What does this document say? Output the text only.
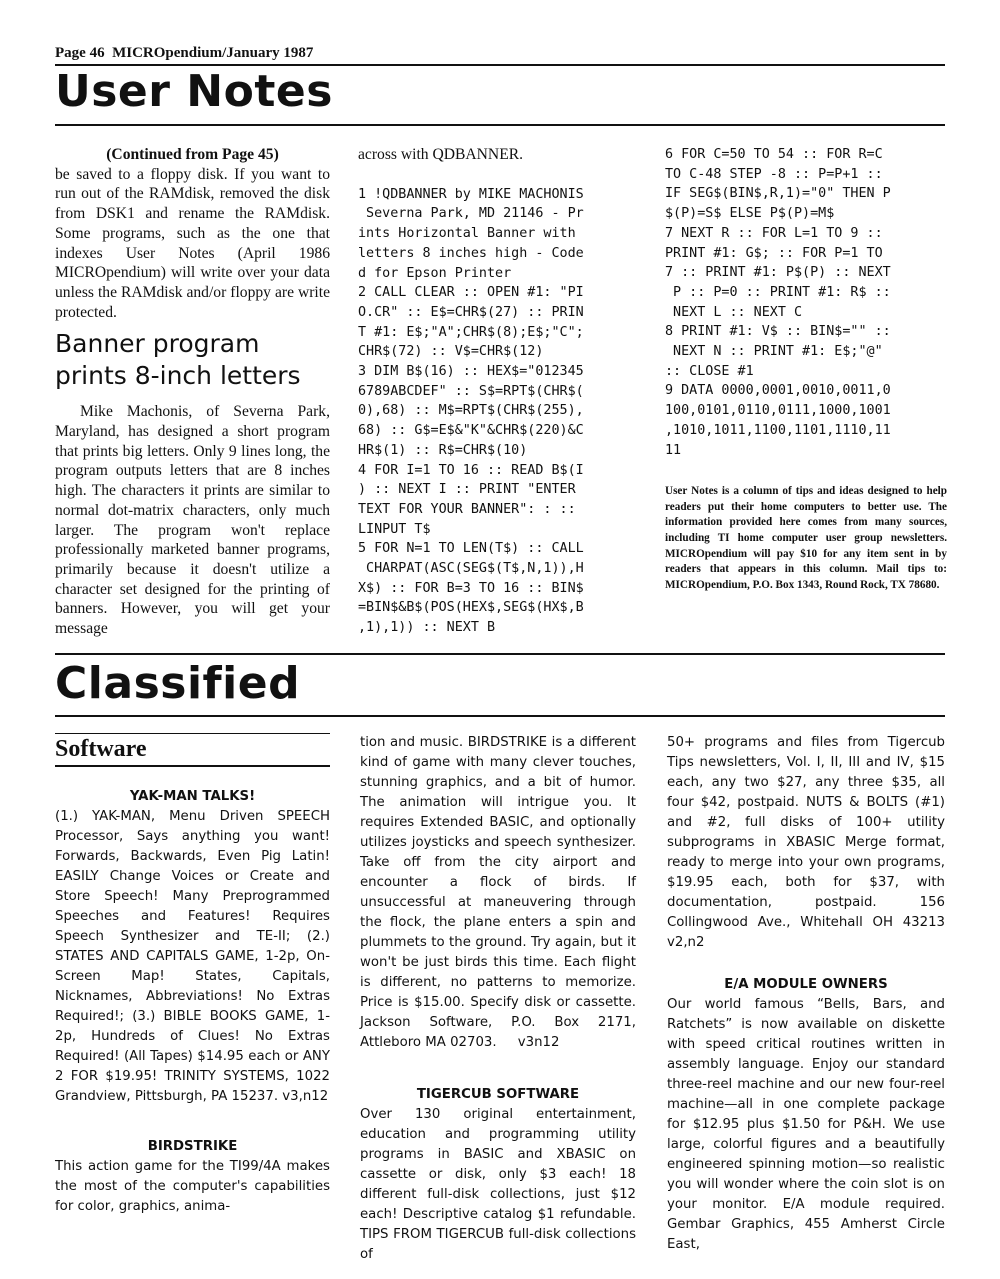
Page 46 MICROpendium/January 1987
User Notes
(Continued from Page 45)
be saved to a floppy disk. If you want to run out of the RAMdisk, removed the disk from DSK1 and rename the RAMdisk. Some programs, such as the one that indexes User Notes (April 1986 MICROpendium) will write over your data unless the RAMdisk and/or floppy are write protected.
Banner program prints 8-inch letters
Mike Machonis, of Severna Park, Maryland, has designed a short program that prints big letters. Only 9 lines long, the program outputs letters that are 8 inches high. The characters it prints are similar to normal dot-matrix characters, only much larger. The program won't replace professionally marketed banner programs, primarily because it doesn't utilize a character set designed for the printing of banners. However, you will get your message
across with QDBANNER.
1 !QDBANNER by MIKE MACHONIS
Severna Park, MD 21146 - Pr
ints Horizontal Banner with
letters 8 inches high - Code
d for Epson Printer
2 CALL CLEAR :: OPEN #1: "PI
O.CR" :: E$=CHR$(27) :: PRIN
T #1: E$;"A";CHR$(8);E$;"C";
CHR$(72) :: V$=CHR$(12)
3 DIM B$(16) :: HEX$="012345
6789ABCDEF" :: S$=RPT$(CHR$(
0),68) :: M$=RPT$(CHR$(255),
68) :: G$=E$&"K"&CHR$(220)&C
HR$(1) :: R$=CHR$(10)
4 FOR I=1 TO 16 :: READ B$(I
) :: NEXT I :: PRINT "ENTER
TEXT FOR YOUR BANNER": : ::
LINPUT T$
5 FOR N=1 TO LEN(T$) :: CALL
CHARPAT(ASC(SEG$(T$,N,1)),H
X$) :: FOR B=3 TO 16 :: BIN$
=BIN$&B$(POS(HEX$,SEG$(HX$,B
,1),1)) :: NEXT B
6 FOR C=50 TO 54 :: FOR R=C
TO C-48 STEP -8 :: P=P+1 ::
IF SEG$(BIN$,R,1)="0" THEN P
$(P)=S$ ELSE P$(P)=M$
7 NEXT R :: FOR L=1 TO 9 ::
PRINT #1: G$; :: FOR P=1 TO
7 :: PRINT #1: P$(P) :: NEXT
P :: P=0 :: PRINT #1: R$ ::
NEXT L :: NEXT C
8 PRINT #1: V$ :: BIN$="" ::
NEXT N :: PRINT #1: E$;"@"
:: CLOSE #1
9 DATA 0000,0001,0010,0011,0
100,0101,0110,0111,1000,1001
,1010,1011,1100,1101,1110,11
11
User Notes is a column of tips and ideas designed to help readers put their home computers to better use. The information provided here comes from many sources, including TI home computer user group newsletters. MICROpendium will pay $10 for any item sent in by readers that appears in this column. Mail tips to: MICROpendium, P.O. Box 1343, Round Rock, TX 78680.
Classified
Software

YAK-MAN TALKS!

(1.) YAK-MAN, Menu Driven SPEECH Processor, Says anything you want! Forwards, Backwards, Even Pig Latin! EASILY Change Voices or Create and Store Speech! Many Preprogrammed Speeches and Features! Requires Speech Synthesizer and TE-II; (2.) STATES AND CAPITALS GAME, 1-2p, On-Screen Map! States, Capitals, Nicknames, Abbreviations! No Extras Required!; (3.) BIBLE BOOKS GAME, 1-2p, Hundreds of Clues! No Extras Required! (All Tapes) $14.95 each or ANY 2 FOR $19.95! TRINITY SYSTEMS, 1022 Grandview, Pittsburgh, PA 15237. v3,n12

BIRDSTRIKE

This action game for the TI99/4A makes the most of the computer's capabilities for color, graphics, anima-

tion and music. BIRDSTRIKE is a different kind of game with many clever touches, stunning graphics, and a bit of humor. The animation will intrigue you. It requires Extended BASIC, and optionally utilizes joysticks and speech synthesizer. Take off from the city airport and encounter a flock of birds. If unsuccessful at maneuvering through the flock, the plane enters a spin and plummets to the ground. Try again, but it won't be just birds this time. Each flight is different, no patterns to memorize. Price is $15.00. Specify disk or cassette. Jackson Software, P.O. Box 2171, Attleboro MA 02703. v3n12

TIGERCUB SOFTWARE

Over 130 original entertainment, education and programming utility programs in BASIC and XBASIC on cassette or disk, only $3 each! 18 different full-disk collections, just $12 each! Descriptive catalog $1 refundable. TIPS FROM TIGERCUB full-disk collections of

50+ programs and files from Tigercub Tips newsletters, Vol. I, II, III and IV, $15 each, any two $27, any three $35, all four $42, postpaid. NUTS & BOLTS (#1) and #2, full disks of 100+ utility subprograms in XBASIC Merge format, ready to merge into your own programs, $19.95 each, both for $37, with documentation, postpaid. 156 Collingwood Ave., Whitehall OH 43213 v2,n2

E/A MODULE OWNERS

Our world famous “Bells, Bars, and Ratchets” is now available on diskette with speed critical routines written in assembly language. Enjoy our standard three-reel machine and our new four-reel machine—all in one complete package for $12.95 plus $1.50 for P&H. We use large, colorful figures and a beautifully engineered spinning motion—so realistic you will wonder where the coin slot is on your monitor. E/A module required. Gembar Graphics, 455 Amherst Circle East,
